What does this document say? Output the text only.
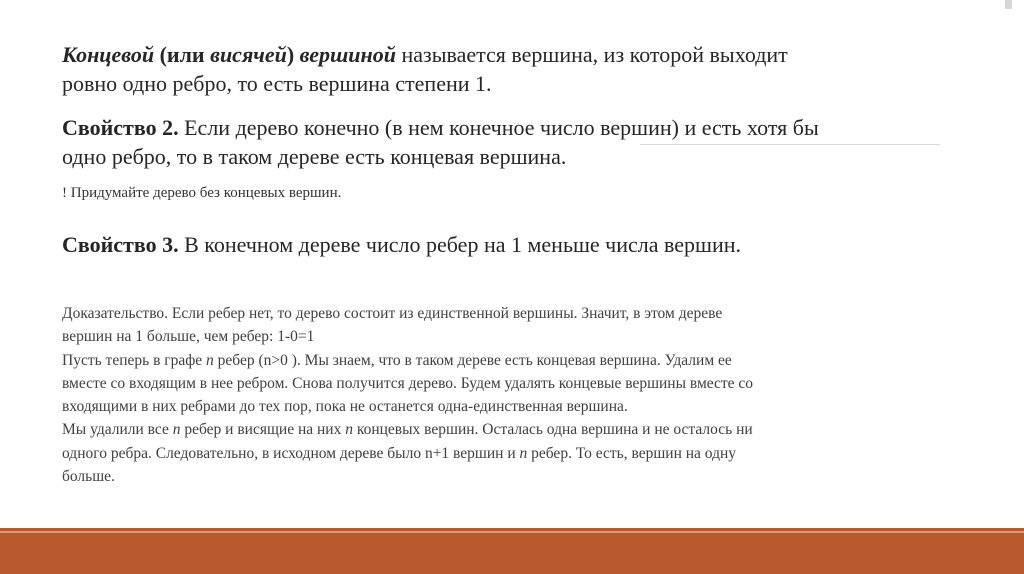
Концевой (или висячей) вершиной называется вершина, из которой выходит
ровно одно ребро, то есть вершина степени 1.

Свойство 2. Если дерево конечно (в нем конечное число вершин) и есть хотя бы
одно ребро, то в таком дереве есть концевая вершина.

! Придумайте дерево без концевых вершин.

Свойство 3. В конечном дереве число ребер на 1 меньше числа вершин.

Доказательство. Если ребер нет, то дерево состоит из единственной вершины. Значит, в этом дереве
вершин на 1 больше, чем ребер: 1-0=1
Пусть теперь в графе n ребер (n>0 ). Мы знаем, что в таком дереве есть концевая вершина. Удалим ее
вместе со входящим в нее ребром. Снова получится дерево. Будем удалять концевые вершины вместе со
входящими в них ребрами до тех пор, пока не останется одна-единственная вершина.
Мы удалили все n ребер и висящие на них n концевых вершин. Осталась одна вершина и не осталось ни
одного ребра. Следовательно, в исходном дереве было n+1 вершин и n ребер. То есть, вершин на одну
больше.
